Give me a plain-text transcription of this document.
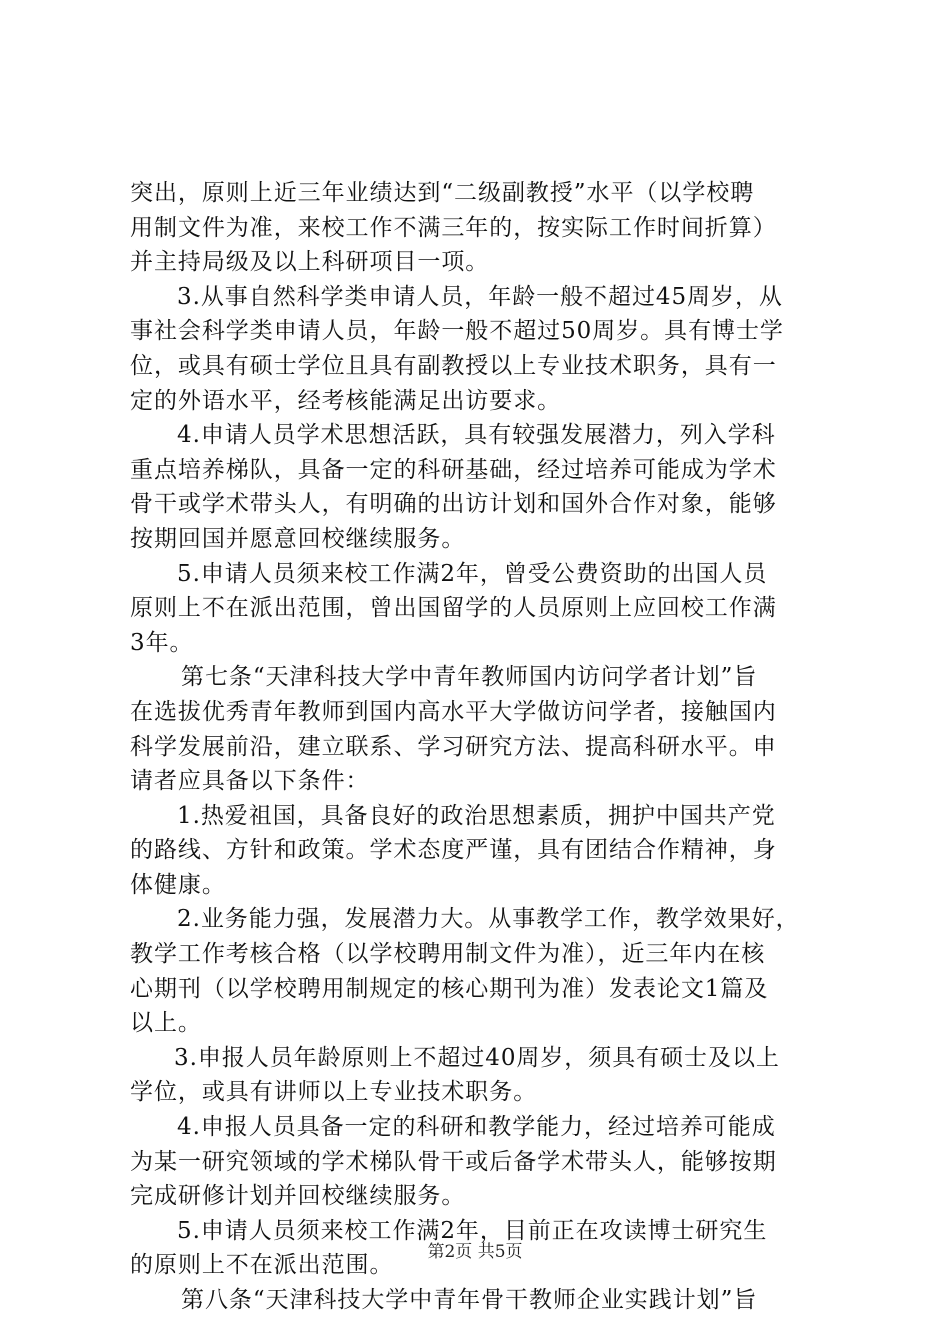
突出，原则上近三年业绩达到“二级副教授”水平（以学校聘
用制文件为准，来校工作不满三年的，按实际工作时间折算）
并主持局级及以上科研项目一项。
3.从事自然科学类申请人员，年龄一般不超过45周岁，从
事社会科学类申请人员，年龄一般不超过50周岁。具有博士学
位，或具有硕士学位且具有副教授以上专业技术职务，具有一
定的外语水平，经考核能满足出访要求。
4.申请人员学术思想活跃，具有较强发展潜力，列入学科
重点培养梯队，具备一定的科研基础，经过培养可能成为学术
骨干或学术带头人，有明确的出访计划和国外合作对象，能够
按期回国并愿意回校继续服务。
5.申请人员须来校工作满2年，曾受公费资助的出国人员
原则上不在派出范围，曾出国留学的人员原则上应回校工作满
3年。
第七条“天津科技大学中青年教师国内访问学者计划”旨
在选拔优秀青年教师到国内高水平大学做访问学者，接触国内
科学发展前沿，建立联系、学习研究方法、提高科研水平。申
请者应具备以下条件：
1.热爱祖国，具备良好的政治思想素质，拥护中国共产党
的路线、方针和政策。学术态度严谨，具有团结合作精神，身
体健康。
2.业务能力强，发展潜力大。从事教学工作，教学效果好，
教学工作考核合格（以学校聘用制文件为准），近三年内在核
心期刊（以学校聘用制规定的核心期刊为准）发表论文1篇及
以上。
3.申报人员年龄原则上不超过40周岁，须具有硕士及以上
学位，或具有讲师以上专业技术职务。
4.申报人员具备一定的科研和教学能力，经过培养可能成
为某一研究领域的学术梯队骨干或后备学术带头人，能够按期
完成研修计划并回校继续服务。
5.申请人员须来校工作满2年，目前正在攻读博士研究生
的原则上不在派出范围。
第八条“天津科技大学中青年骨干教师企业实践计划”旨
第2页 共5页
